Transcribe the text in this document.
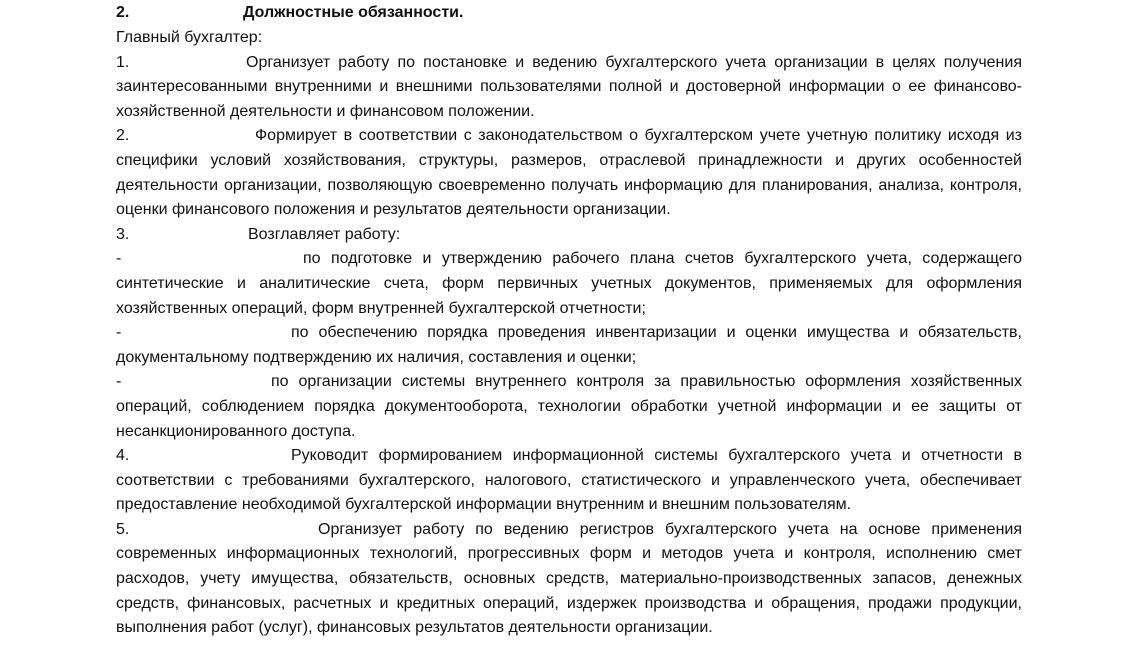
2.	Должностные обязанности.
Главный бухгалтер:
1.	Организует работу по постановке и ведению бухгалтерского учета организации в целях получения заинтересованными внутренними и внешними пользователями полной и достоверной информации о ее финансово-хозяйственной деятельности и финансовом положении.
2.	Формирует в соответствии с законодательством о бухгалтерском учете учетную политику исходя из специфики условий хозяйствования, структуры, размеров, отраслевой принадлежности и других особенностей деятельности организации, позволяющую своевременно получать информацию для планирования, анализа, контроля, оценки финансового положения и результатов деятельности организации.
3.	Возглавляет работу:
-	по подготовке и утверждению рабочего плана счетов бухгалтерского учета, содержащего синтетические и аналитические счета, форм первичных учетных документов, применяемых для оформления хозяйственных операций, форм внутренней бухгалтерской отчетности;
-	по обеспечению порядка проведения инвентаризации и оценки имущества и обязательств, документальному подтверждению их наличия, составления и оценки;
-	по организации системы внутреннего контроля за правильностью оформления хозяйственных операций, соблюдением порядка документооборота, технологии обработки учетной информации и ее защиты от несанкционированного доступа.
4.	Руководит формированием информационной системы бухгалтерского учета и отчетности в соответствии с требованиями бухгалтерского, налогового, статистического и управленческого учета, обеспечивает предоставление необходимой бухгалтерской информации внутренним и внешним пользователям.
5.	Организует работу по ведению регистров бухгалтерского учета на основе применения современных информационных технологий, прогрессивных форм и методов учета и контроля, исполнению смет расходов, учету имущества, обязательств, основных средств, материально-производственных запасов, денежных средств, финансовых, расчетных и кредитных операций, издержек производства и обращения, продажи продукции, выполнения работ (услуг), финансовых результатов деятельности организации.
